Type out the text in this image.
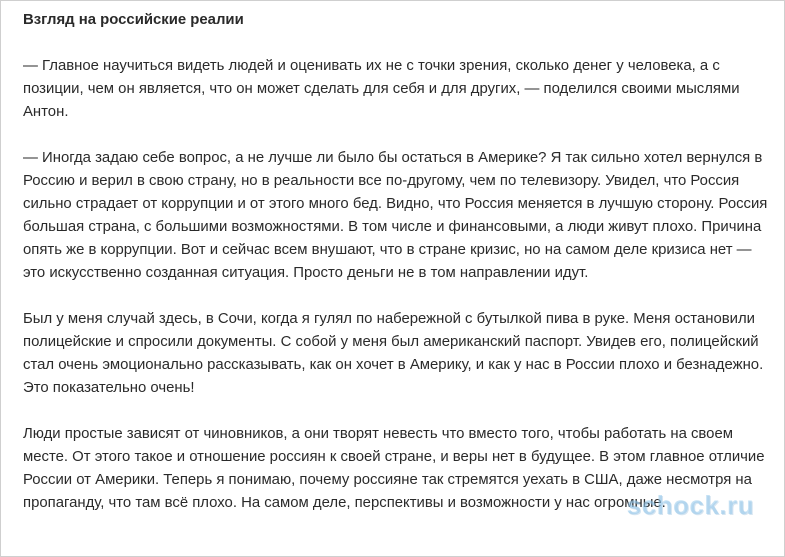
Взгляд на российские реалии

— Главное научиться видеть людей и оценивать их не с точки зрения, сколько денег у человека, а с позиции, чем он является, что он может сделать для себя и для других, — поделился своими мыслями Антон.

— Иногда задаю себе вопрос, а не лучше ли было бы остаться в Америке? Я так сильно хотел вернулся в Россию и верил в свою страну, но в реальности все по-другому, чем по телевизору. Увидел, что Россия сильно страдает от коррупции и от этого много бед. Видно, что Россия меняется в лучшую сторону. Россия большая страна, с большими возможностями. В том числе и финансовыми, а люди живут плохо. Причина опять же в коррупции. Вот и сейчас всем внушают, что в стране кризис, но на самом деле кризиса нет — это искусственно созданная ситуация. Просто деньги не в том направлении идут.

Был у меня случай здесь, в Сочи, когда я гулял по набережной с бутылкой пива в руке. Меня остановили полицейские и спросили документы. С собой у меня был американский паспорт. Увидев его, полицейский стал очень эмоционально рассказывать, как он хочет в Америку, и как у нас в России плохо и безнадежно. Это показательно очень!

Люди простые зависят от чиновников, а они творят невесть что вместо того, чтобы работать на своем месте. От этого такое и отношение россиян к своей стране, и веры нет в будущее. В этом главное отличие России от Америки. Теперь я понимаю, почему россияне так стремятся уехать в США, даже несмотря на пропаганду, что там всё плохо. На самом деле, перспективы и возможности у нас огромные.

schock.ru
